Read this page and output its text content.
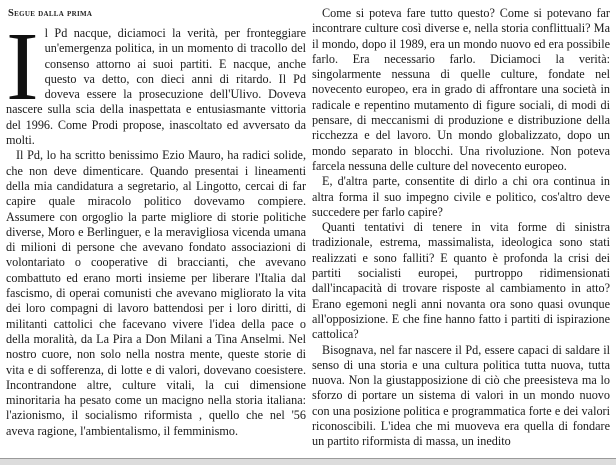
Segue dalla prima

Il Pd nacque, diciamoci la verità, per fronteggiare un'emergenza politica, in un momento di tracollo del consenso attorno ai suoi partiti. E nacque, anche questo va detto, con dieci anni di ritardo. Il Pd doveva essere la prosecuzione dell'Ulivo. Doveva nascere sulla scia della inaspettata e entusiasmante vittoria del 1996. Come Prodi propose, inascoltato ed avversato da molti.

Il Pd, lo ha scritto benissimo Ezio Mauro, ha radici solide, che non deve dimenticare. Quando presentai i lineamenti della mia candidatura a segretario, al Lingotto, cercai di far capire quale miracolo politico dovevamo compiere. Assumere con orgoglio la parte migliore di storie politiche diverse, Moro e Berlinguer, e la meravigliosa vicenda umana di milioni di persone che avevano fondato associazioni di volontariato o cooperative di braccianti, che avevano combattuto ed erano morti insieme per liberare l'Italia dal fascismo, di operai comunisti che avevano migliorato la vita dei loro compagni di lavoro battendosi per i loro diritti, di militanti cattolici che facevano vivere l'idea della pace o della moralità, da La Pira a Don Milani a Tina Anselmi. Nel nostro cuore, non solo nella nostra mente, queste storie di vita e di sofferenza, di lotte e di valori, dovevano coesistere. Incontrandone altre, culture vitali, la cui dimensione minoritaria ha pesato come un macigno nella storia italiana: l'azionismo, il socialismo riformista , quello che nel '56 aveva ragione, l'ambientalismo, il femminismo.

Come si poteva fare tutto questo? Come si potevano far incontrare culture così diverse e, nella storia conflittuali? Ma il mondo, dopo il 1989, era un mondo nuovo ed era possibile farlo. Era necessario farlo. Diciamoci la verità: singolarmente nessuna di quelle culture, fondate nel novecento europeo, era in grado di affrontare una società in radicale e repentino mutamento di figure sociali, di modi di pensare, di meccanismi di produzione e distribuzione della ricchezza e del lavoro. Un mondo globalizzato, dopo un mondo separato in blocchi. Una rivoluzione. Non poteva farcela nessuna delle culture del novecento europeo.

E, d'altra parte, consentite di dirlo a chi ora continua in altra forma il suo impegno civile e politico, cos'altro deve succedere per farlo capire?

Quanti tentativi di tenere in vita forme di sinistra tradizionale, estrema, massimalista, ideologica sono stati realizzati e sono falliti? E quanto è profonda la crisi dei partiti socialisti europei, purtroppo ridimensionati dall'incapacità di trovare risposte al cambiamento in atto? Erano egemoni negli anni novanta ora sono quasi ovunque all'opposizione. E che fine hanno fatto i partiti di ispirazione cattolica?

Bisognava, nel far nascere il Pd, essere capaci di saldare il senso di una storia e una cultura politica tutta nuova, tutta nuova. Non la giustapposizione di ciò che preesisteva ma lo sforzo di portare un sistema di valori in un mondo nuovo con una posizione politica e programmatica forte e dei valori riconoscibili. L'idea che mi muoveva era quella di fondare un partito riformista di massa, un inedito
